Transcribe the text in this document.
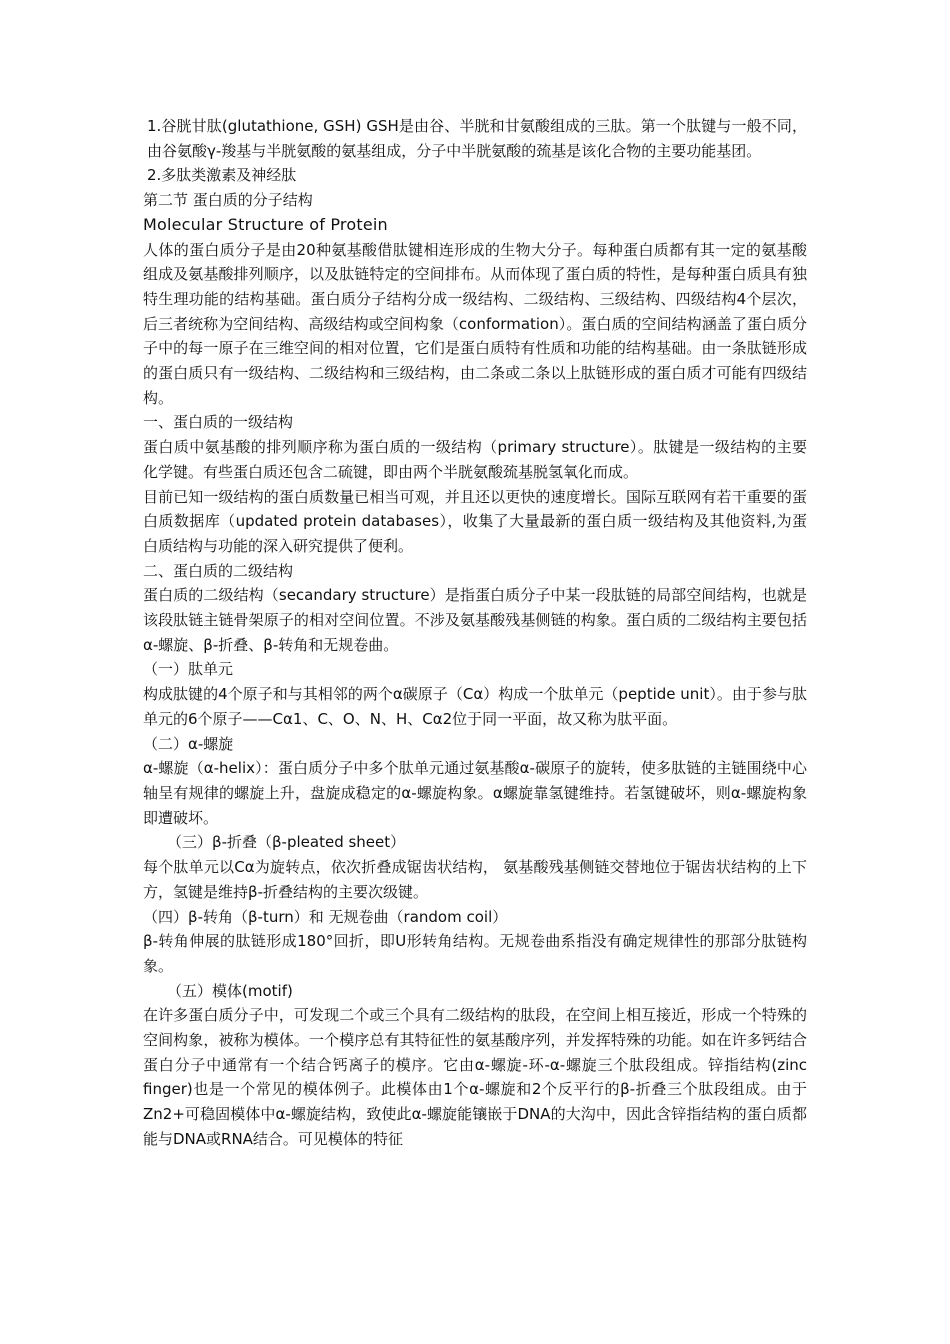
1.谷胱甘肽(glutathione, GSH) GSH是由谷、半胱和甘氨酸组成的三肽。第一个肽键与一般不同，由谷氨酸γ-羧基与半胱氨酸的氨基组成，分子中半胱氨酸的巯基是该化合物的主要功能基团。

2.多肽类激素及神经肽

第二节 蛋白质的分子结构

Molecular Structure of Protein

人体的蛋白质分子是由20种氨基酸借肽键相连形成的生物大分子。每种蛋白质都有其一定的氨基酸组成及氨基酸排列顺序，以及肽链特定的空间排布。从而体现了蛋白质的特性，是每种蛋白质具有独特生理功能的结构基础。蛋白质分子结构分成一级结构、二级结构、三级结构、四级结构4个层次，后三者统称为空间结构、高级结构或空间构象（conformation）。蛋白质的空间结构涵盖了蛋白质分子中的每一原子在三维空间的相对位置，它们是蛋白质特有性质和功能的结构基础。由一条肽链形成的蛋白质只有一级结构、二级结构和三级结构，由二条或二条以上肽链形成的蛋白质才可能有四级结构。

一、蛋白质的一级结构

蛋白质中氨基酸的排列顺序称为蛋白质的一级结构（primary structure）。肽键是一级结构的主要化学键。有些蛋白质还包含二硫键，即由两个半胱氨酸巯基脱氢氧化而成。

目前已知一级结构的蛋白质数量已相当可观，并且还以更快的速度增长。国际互联网有若干重要的蛋白质数据库（updated protein databases），收集了大量最新的蛋白质一级结构及其他资料,为蛋白质结构与功能的深入研究提供了便利。

二、蛋白质的二级结构

蛋白质的二级结构（secandary structure）是指蛋白质分子中某一段肽链的局部空间结构，也就是该段肽链主链骨架原子的相对空间位置。不涉及氨基酸残基侧链的构象。蛋白质的二级结构主要包括α-螺旋、β-折叠、β-转角和无规卷曲。

（一）肽单元

构成肽键的4个原子和与其相邻的两个α碳原子（Cα）构成一个肽单元（peptide unit）。由于参与肽单元的6个原子——Cα1、C、O、N、H、Cα2位于同一平面，故又称为肽平面。

（二）α-螺旋

α-螺旋（α-helix）：蛋白质分子中多个肽单元通过氨基酸α-碳原子的旋转，使多肽链的主链围绕中心轴呈有规律的螺旋上升，盘旋成稳定的α-螺旋构象。α螺旋靠氢键维持。若氢键破坏，则α-螺旋构象即遭破坏。

（三）β-折叠（β-pleated sheet）

每个肽单元以Cα为旋转点，依次折叠成锯齿状结构， 氨基酸残基侧链交替地位于锯齿状结构的上下方，氢键是维持β-折叠结构的主要次级键。

（四）β-转角（β-turn）和 无规卷曲（random coil）

β-转角伸展的肽链形成180°回折，即U形转角结构。无规卷曲系指没有确定规律性的那部分肽链构象。

（五）模体(motif)

在许多蛋白质分子中，可发现二个或三个具有二级结构的肽段，在空间上相互接近，形成一个特殊的空间构象，被称为模体。一个模序总有其特征性的氨基酸序列，并发挥特殊的功能。如在许多钙结合蛋白分子中通常有一个结合钙离子的模序。它由α-螺旋-环-α-螺旋三个肽段组成。锌指结构(zinc finger)也是一个常见的模体例子。此模体由1个α-螺旋和2个反平行的β-折叠三个肽段组成。由于 Zn2+可稳固模体中α-螺旋结构，致使此α-螺旋能镶嵌于DNA的大沟中，因此含锌指结构的蛋白质都能与DNA或RNA结合。可见模体的特征
